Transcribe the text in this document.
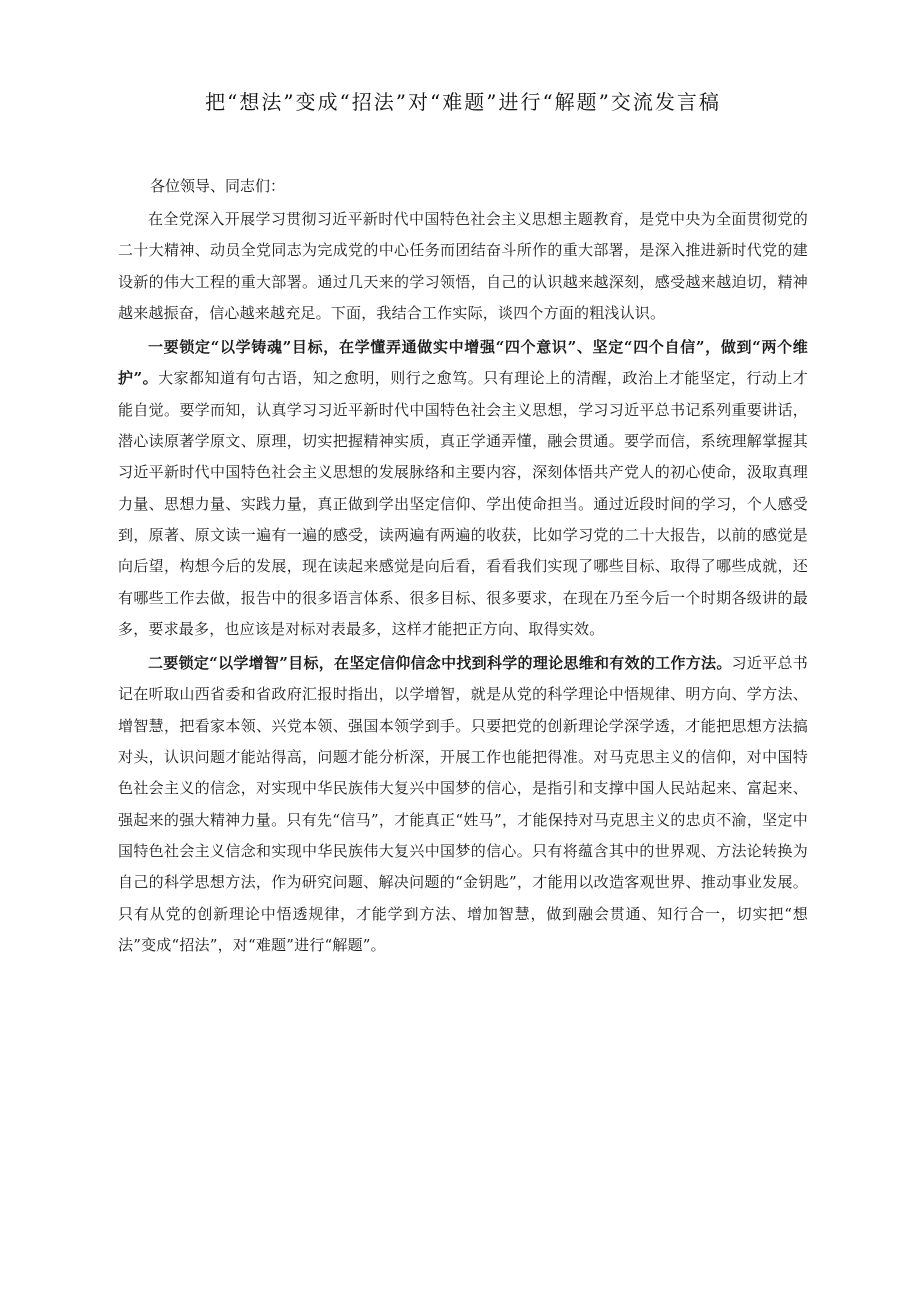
把“想法”变成“招法”对“难题”进行“解题”交流发言稿

各位领导、同志们：

在全党深入开展学习贯彻习近平新时代中国特色社会主义思想主题教育，是党中央为全面贯彻党的二十大精神、动员全党同志为完成党的中心任务而团结奋斗所作的重大部署，是深入推进新时代党的建设新的伟大工程的重大部署。通过几天来的学习领悟，自己的认识越来越深刻，感受越来越迫切，精神越来越振奋，信心越来越充足。下面，我结合工作实际，谈四个方面的粗浅认识。

一要锁定“以学铸魂”目标，在学懂弄通做实中增强“四个意识”、坚定“四个自信”，做到“两个维护”。大家都知道有句古语，知之愈明，则行之愈笃。只有理论上的清醒，政治上才能坚定，行动上才能自觉。要学而知，认真学习习近平新时代中国特色社会主义思想，学习习近平总书记系列重要讲话，潜心读原著学原文、原理，切实把握精神实质，真正学通弄懂，融会贯通。要学而信，系统理解掌握其习近平新时代中国特色社会主义思想的发展脉络和主要内容，深刻体悟共产党人的初心使命，汲取真理力量、思想力量、实践力量，真正做到学出坚定信仰、学出使命担当。通过近段时间的学习，个人感受到，原著、原文读一遍有一遍的感受，读两遍有两遍的收获，比如学习党的二十大报告，以前的感觉是向后望，构想今后的发展，现在读起来感觉是向后看，看看我们实现了哪些目标、取得了哪些成就，还有哪些工作去做，报告中的很多语言体系、很多目标、很多要求，在现在乃至今后一个时期各级讲的最多，要求最多，也应该是对标对表最多，这样才能把正方向、取得实效。

二要锁定“以学增智”目标，在坚定信仰信念中找到科学的理论思维和有效的工作方法。习近平总书记在听取山西省委和省政府汇报时指出，以学增智，就是从党的科学理论中悟规律、明方向、学方法、增智慧，把看家本领、兴党本领、强国本领学到手。只要把党的创新理论学深学透，才能把思想方法搞对头，认识问题才能站得高，问题才能分析深，开展工作也能把得准。对马克思主义的信仰，对中国特色社会主义的信念，对实现中华民族伟大复兴中国梦的信心，是指引和支撑中国人民站起来、富起来、强起来的强大精神力量。只有先“信马”，才能真正“姓马”，才能保持对马克思主义的忠贞不渝，坚定中国特色社会主义信念和实现中华民族伟大复兴中国梦的信心。只有将蕴含其中的世界观、方法论转换为自己的科学思想方法，作为研究问题、解决问题的“金钥匙”，才能用以改造客观世界、推动事业发展。只有从党的创新理论中悟透规律，才能学到方法、增加智慧，做到融会贯通、知行合一，切实把“想法”变成“招法”，对“难题”进行“解题”。
